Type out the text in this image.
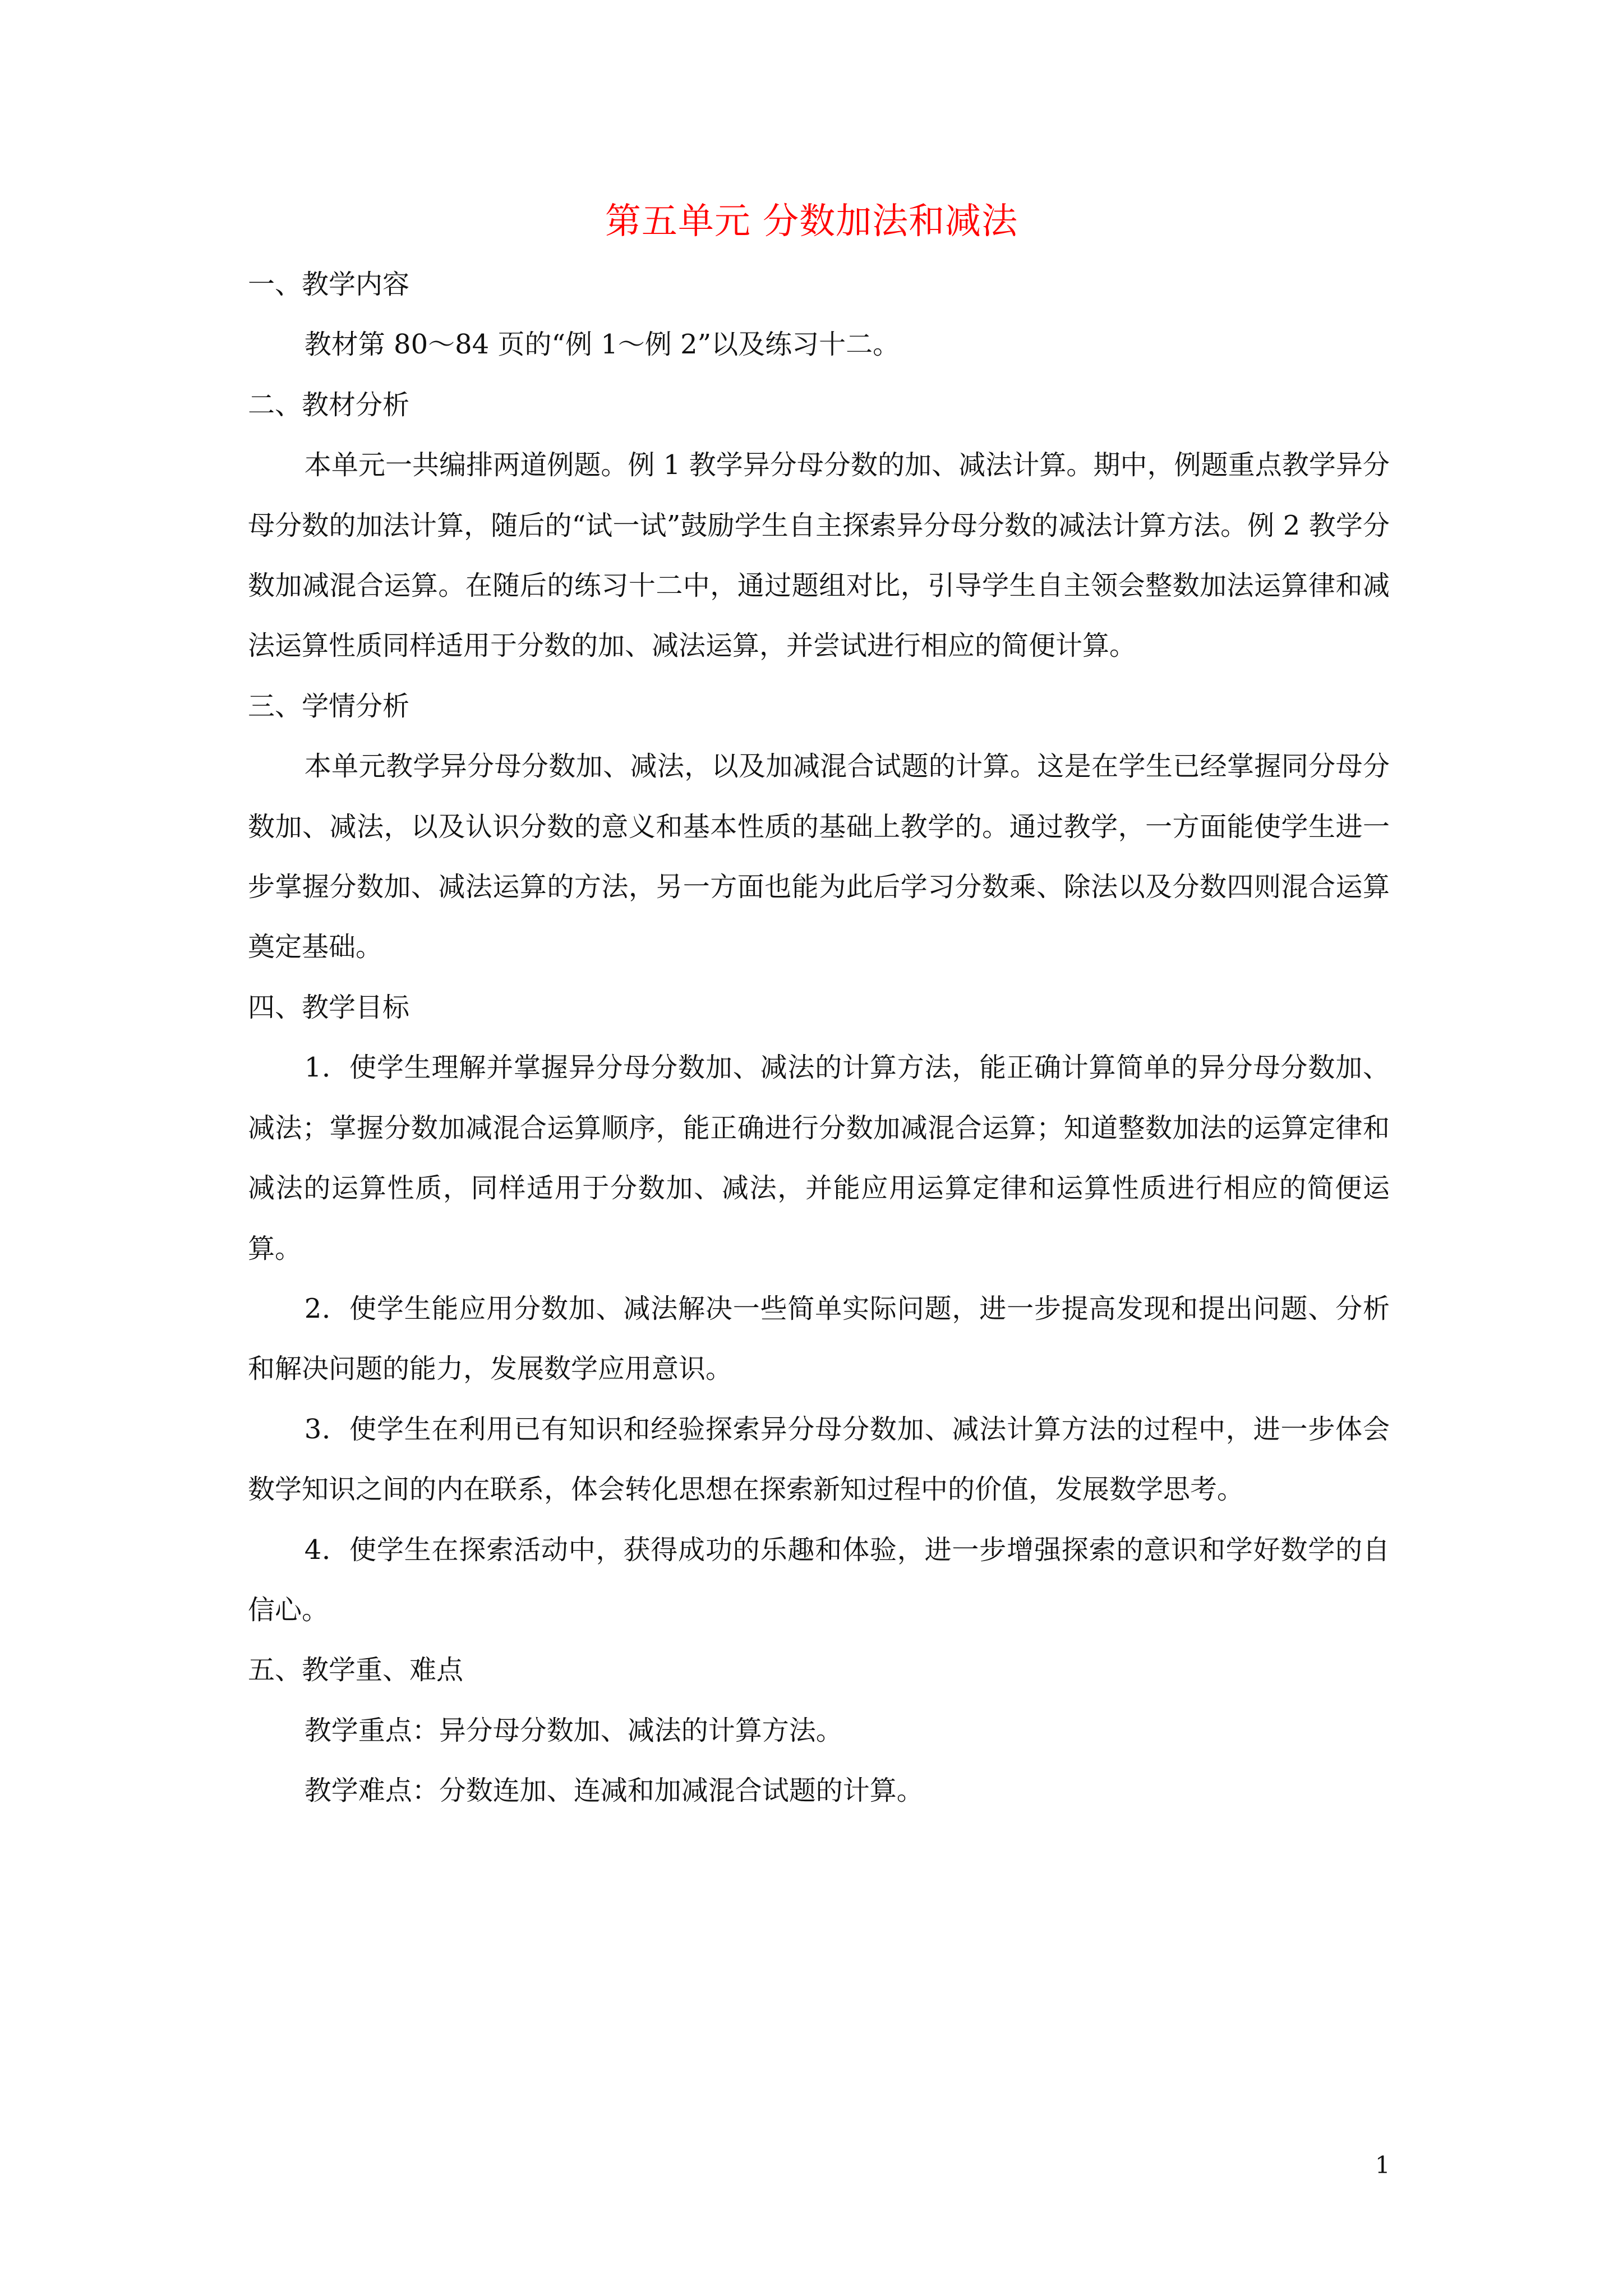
第五单元 分数加法和减法

一、教学内容

教材第 80～84 页的“例 1～例 2”以及练习十二。

二、教材分析

本单元一共编排两道例题。例 1 教学异分母分数的加、减法计算。期中，例题重点教学异分母分数的加法计算，随后的“试一试”鼓励学生自主探索异分母分数的减法计算方法。例 2 教学分数加减混合运算。在随后的练习十二中，通过题组对比，引导学生自主领会整数加法运算律和减法运算性质同样适用于分数的加、减法运算，并尝试进行相应的简便计算。

三、学情分析

本单元教学异分母分数加、减法，以及加减混合试题的计算。这是在学生已经掌握同分母分数加、减法，以及认识分数的意义和基本性质的基础上教学的。通过教学，一方面能使学生进一步掌握分数加、减法运算的方法，另一方面也能为此后学习分数乘、除法以及分数四则混合运算奠定基础。

四、教学目标

1．使学生理解并掌握异分母分数加、减法的计算方法，能正确计算简单的异分母分数加、减法；掌握分数加减混合运算顺序，能正确进行分数加减混合运算；知道整数加法的运算定律和减法的运算性质，同样适用于分数加、减法，并能应用运算定律和运算性质进行相应的简便运算。

2．使学生能应用分数加、减法解决一些简单实际问题，进一步提高发现和提出问题、分析和解决问题的能力，发展数学应用意识。

3．使学生在利用已有知识和经验探索异分母分数加、减法计算方法的过程中，进一步体会数学知识之间的内在联系，体会转化思想在探索新知过程中的价值，发展数学思考。

4．使学生在探索活动中，获得成功的乐趣和体验，进一步增强探索的意识和学好数学的自信心。

五、教学重、难点

教学重点：异分母分数加、减法的计算方法。

教学难点：分数连加、连减和加减混合试题的计算。

1
